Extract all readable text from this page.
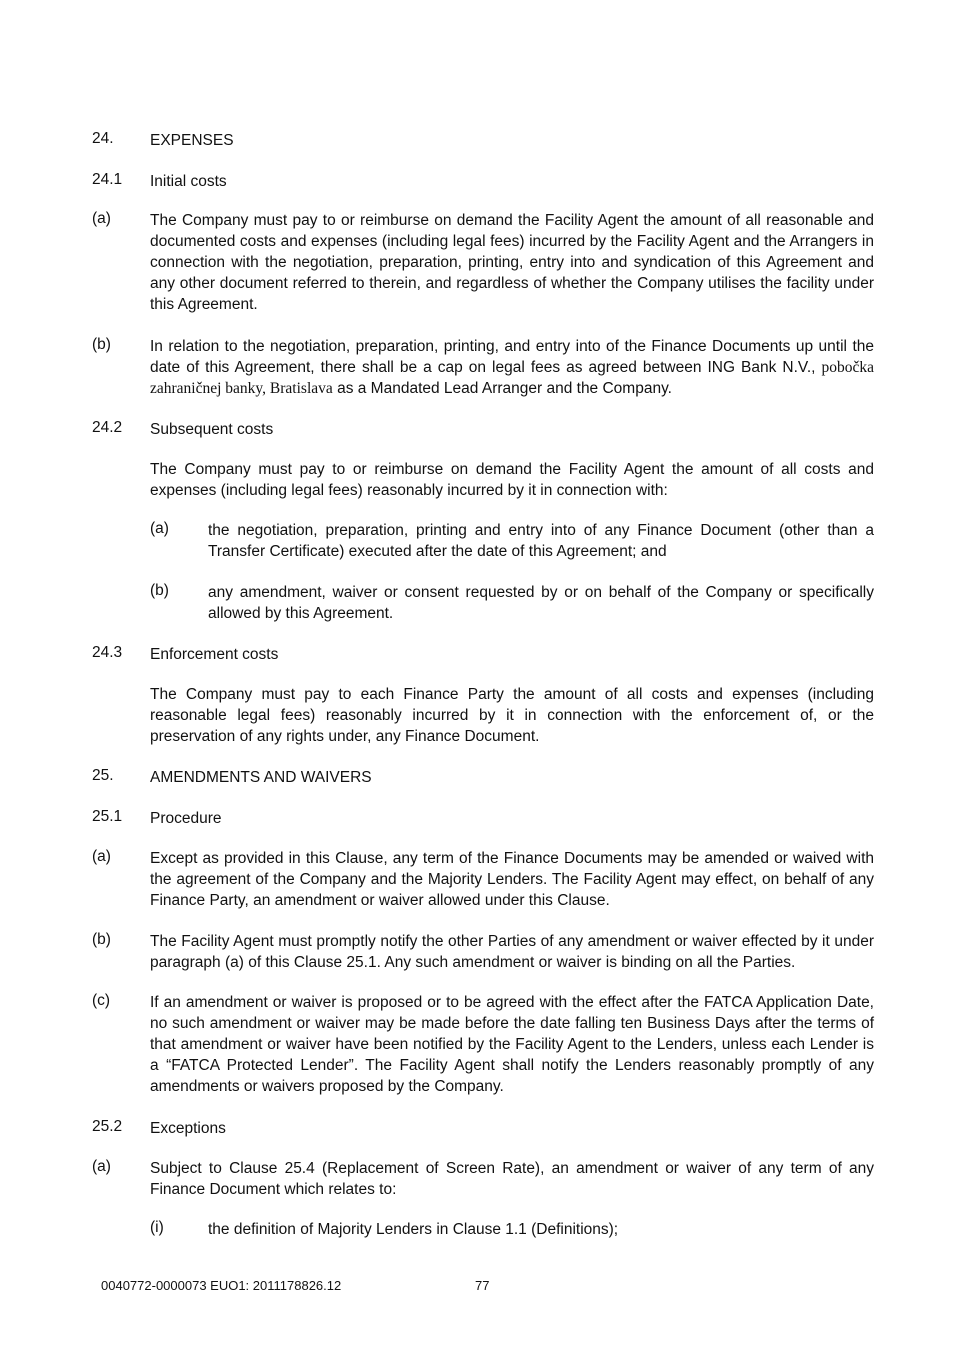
24. EXPENSES
24.1 Initial costs
(a)	The Company must pay to or reimburse on demand the Facility Agent the amount of all reasonable and documented costs and expenses (including legal fees) incurred by the Facility Agent and the Arrangers in connection with the negotiation, preparation, printing, entry into and syndication of this Agreement and any other document referred to therein, and regardless of whether the Company utilises the facility under this Agreement.
(b)	In relation to the negotiation, preparation, printing, and entry into of the Finance Documents up until the date of this Agreement, there shall be a cap on legal fees as agreed between ING Bank N.V., pobočka zahraničnej banky, Bratislava as a Mandated Lead Arranger and the Company.
24.2 Subsequent costs
The Company must pay to or reimburse on demand the Facility Agent the amount of all costs and expenses (including legal fees) reasonably incurred by it in connection with:
(a)	the negotiation, preparation, printing and entry into of any Finance Document (other than a Transfer Certificate) executed after the date of this Agreement; and
(b)	any amendment, waiver or consent requested by or on behalf of the Company or specifically allowed by this Agreement.
24.3 Enforcement costs
The Company must pay to each Finance Party the amount of all costs and expenses (including reasonable legal fees) reasonably incurred by it in connection with the enforcement of, or the preservation of any rights under, any Finance Document.
25. AMENDMENTS AND WAIVERS
25.1 Procedure
(a)	Except as provided in this Clause, any term of the Finance Documents may be amended or waived with the agreement of the Company and the Majority Lenders. The Facility Agent may effect, on behalf of any Finance Party, an amendment or waiver allowed under this Clause.
(b)	The Facility Agent must promptly notify the other Parties of any amendment or waiver effected by it under paragraph (a) of this Clause 25.1. Any such amendment or waiver is binding on all the Parties.
(c)	If an amendment or waiver is proposed or to be agreed with the effect after the FATCA Application Date, no such amendment or waiver may be made before the date falling ten Business Days after the terms of that amendment or waiver have been notified by the Facility Agent to the Lenders, unless each Lender is a “FATCA Protected Lender”. The Facility Agent shall notify the Lenders reasonably promptly of any amendments or waivers proposed by the Company.
25.2 Exceptions
(a)	Subject to Clause 25.4 (Replacement of Screen Rate), an amendment or waiver of any term of any Finance Document which relates to:
(i)	the definition of Majority Lenders in Clause 1.1 (Definitions);
0040772-0000073 EUO1: 2011178826.12	77
